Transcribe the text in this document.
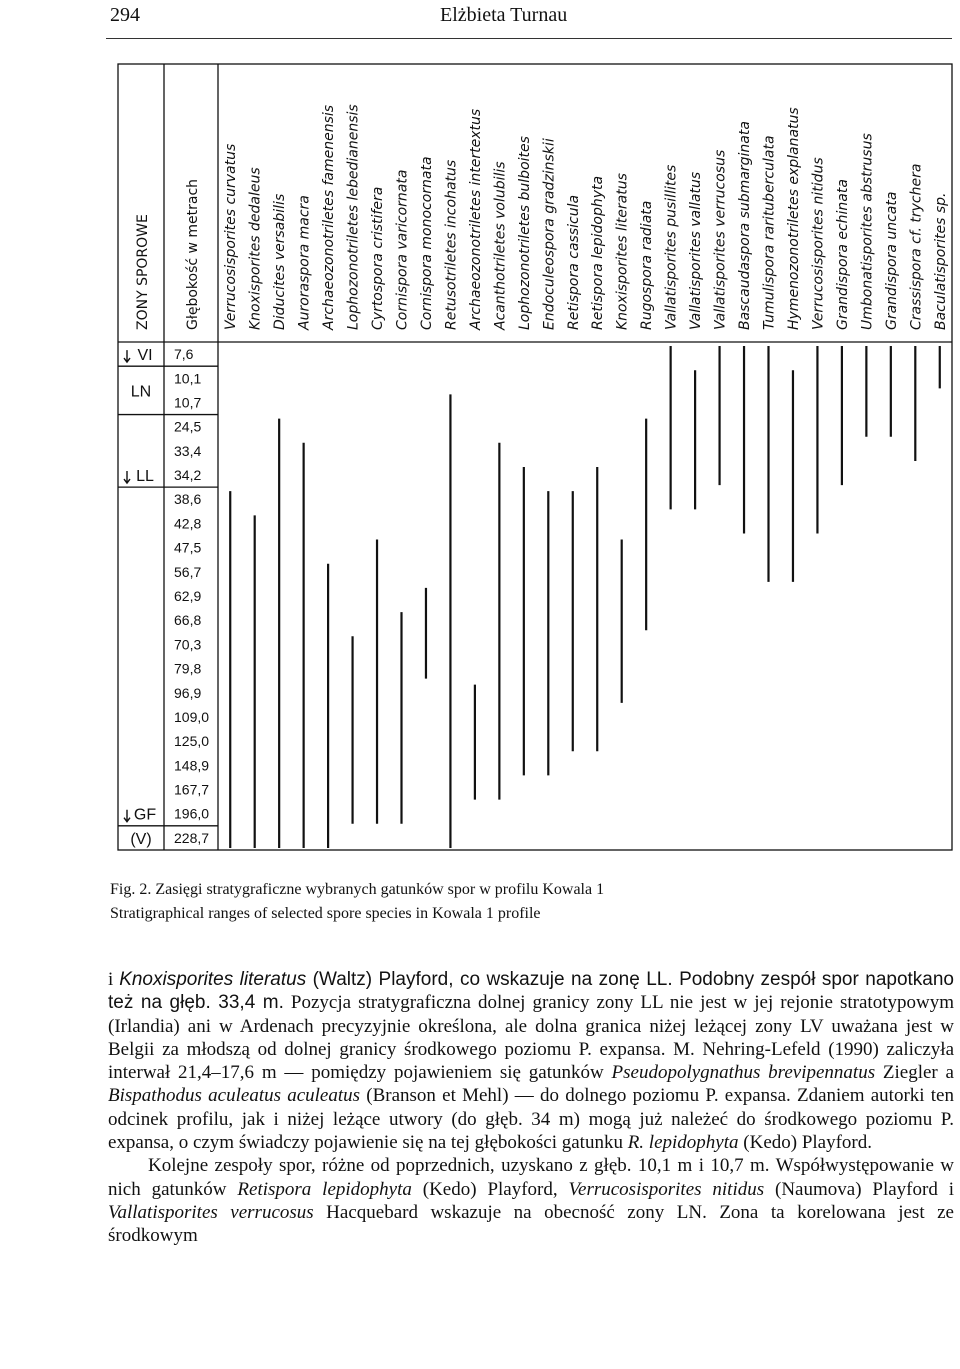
294	Elżbieta Turnau
ZONY SPOROWE Głębokość w metrach Verrucosisporites curvatus Knoxisporites dedaleus Diducites versabilis Auroraspora macra Archaeozonotriletes famenensis Lophozonotriletes lebedianensis Cyrtospora cristifera Cornispora varicornata Cornispora monocornata Retusotriletes incohatus Archaeozonotriletes intertextus Acanthotriletes volubilis Lophozonotriletes bulboites Endoculeospora gradzinskii Retispora cassicula Retispora lepidophyta Knoxisporites literatus Rugospora radiata Vallatisporites pusillites Vallatisporites vallatus Vallatisporites verrucosus Bascaudaspora submarginata Tumulispora rarituberculata Hymenozonotriletes explanatus Verrucosisporites nitidus Grandispora echinata Umbonatisporites abstrusus Grandispora uncata Crassispora cf. trychera Baculatisporites sp.
7,6
10,1
10,7
24,5
33,4
34,2
38,6
42,8
47,5
56,7
62,9
66,8
70,3
79,8
96,9
109,0
125,0
148,9
167,7
196,0
228,7
VI
LN
LL
GF
(V)
Fig. 2. Zasięgi stratygraficzne wybranych gatunków spor w profilu Kowala 1
Stratigraphical ranges of selected spore species in Kowala 1 profile

i Knoxisporites literatus (Waltz) Playford, co wskazuje na zonę LL. Podobny zespół spor napotkano też na głęb. 33,4 m. Pozycja stratygraficzna dolnej granicy zony LL nie jest w jej rejonie stratotypowym (Irlandia) ani w Ardenach precyzyjnie określona, ale dolna granica niżej leżącej zony LV uważana jest w Belgii za młodszą od dolnej granicy środkowego poziomu P. expansa. M. Nehring-Lefeld (1990) zaliczyła interwał 21,4–17,6 m — pomiędzy pojawieniem się gatunków Pseudopolygnathus brevipennatus Ziegler a Bispathodus aculeatus aculeatus (Branson et Mehl) — do dolnego poziomu P. expansa. Zdaniem autorki ten odcinek profilu, jak i niżej leżące utwory (do głęb. 34 m) mogą już należeć do środkowego poziomu P. expansa, o czym świadczy pojawienie się na tej głębokości gatunku R. lepidophyta (Kedo) Playford.

Kolejne zespoły spor, różne od poprzednich, uzyskano z głęb. 10,1 m i 10,7 m. Współwystępowanie w nich gatunków Retispora lepidophyta (Kedo) Playford, Verrucosisporites nitidus (Naumova) Playford i Vallatisporites verrucosus Hacquebard wskazuje na obecność zony LN. Zona ta korelowana jest ze środkowym
